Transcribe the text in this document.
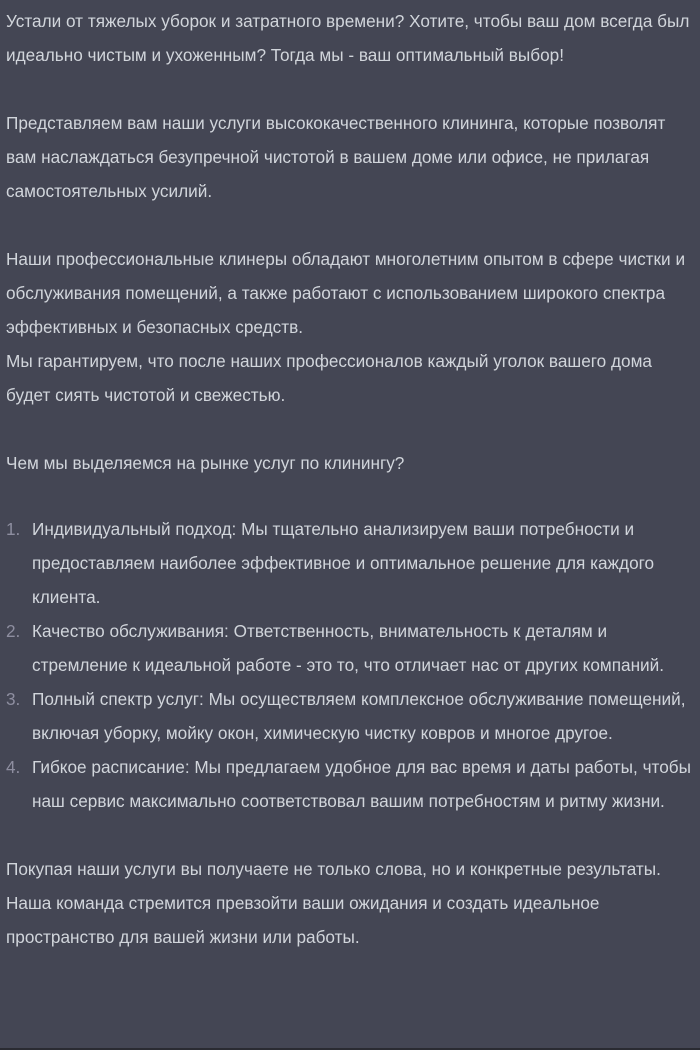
Устали от тяжелых уборок и затратного времени? Хотите, чтобы ваш дом всегда был идеально чистым и ухоженным? Тогда мы - ваш оптимальный выбор!

Представляем вам наши услуги высококачественного клининга, которые позволят вам наслаждаться безупречной чистотой в вашем доме или офисе, не прилагая самостоятельных усилий.

Наши профессиональные клинеры обладают многолетним опытом в сфере чистки и обслуживания помещений, а также работают с использованием широкого спектра эффективных и безопасных средств.

Мы гарантируем, что после наших профессионалов каждый уголок вашего дома будет сиять чистотой и свежестью.

Чем мы выделяемся на рынке услуг по клинингу?

1. Индивидуальный подход: Мы тщательно анализируем ваши потребности и предоставляем наиболее эффективное и оптимальное решение для каждого клиента.
2. Качество обслуживания: Ответственность, внимательность к деталям и стремление к идеальной работе - это то, что отличает нас от других компаний.
3. Полный спектр услуг: Мы осуществляем комплексное обслуживание помещений, включая уборку, мойку окон, химическую чистку ковров и многое другое.
4. Гибкое расписание: Мы предлагаем удобное для вас время и даты работы, чтобы наш сервис максимально соответствовал вашим потребностям и ритму жизни.

Покупая наши услуги вы получаете не только слова, но и конкретные результаты. Наша команда стремится превзойти ваши ожидания и создать идеальное пространство для вашей жизни или работы.
